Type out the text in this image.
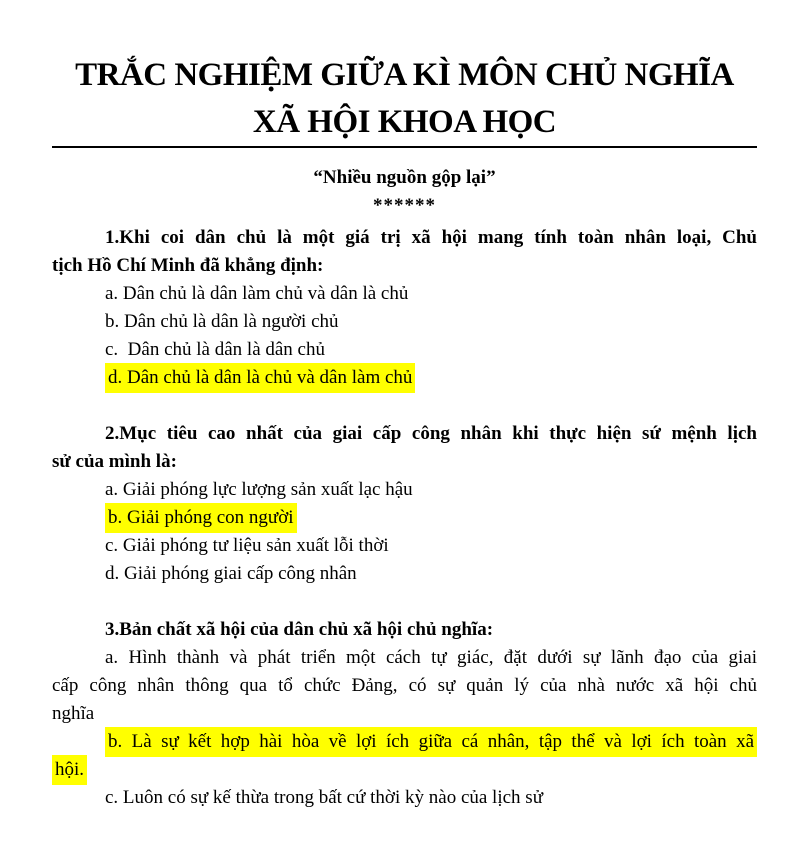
TRẮC NGHIỆM GIỮA KÌ MÔN CHỦ NGHĨA
XÃ HỘI KHOA HỌC
“Nhiều nguồn gộp lại”
******
1.Khi coi dân chủ là một giá trị xã hội mang tính toàn nhân loại, Chủ
tịch Hồ Chí Minh đã khẳng định:
a. Dân chủ là dân làm chủ và dân là chủ
b. Dân chủ là dân là người chủ
c.  Dân chủ là dân là dân chủ
d. Dân chủ là dân là chủ và dân làm chủ
2.Mục tiêu cao nhất của giai cấp công nhân khi thực hiện sứ mệnh lịch
sử của mình là:
a. Giải phóng lực lượng sản xuất lạc hậu
b. Giải phóng con người
c. Giải phóng tư liệu sản xuất lỗi thời
d. Giải phóng giai cấp công nhân
3.Bản chất xã hội của dân chủ xã hội chủ nghĩa:
a. Hình thành và phát triển một cách tự giác, đặt dưới sự lãnh đạo của giai
cấp công nhân thông qua tổ chức Đảng, có sự quản lý của nhà nước xã hội chủ
nghĩa
b. Là sự kết hợp hài hòa về lợi ích giữa cá nhân, tập thể và lợi ích toàn xã
hội.
c. Luôn có sự kế thừa trong bất cứ thời kỳ nào của lịch sử
